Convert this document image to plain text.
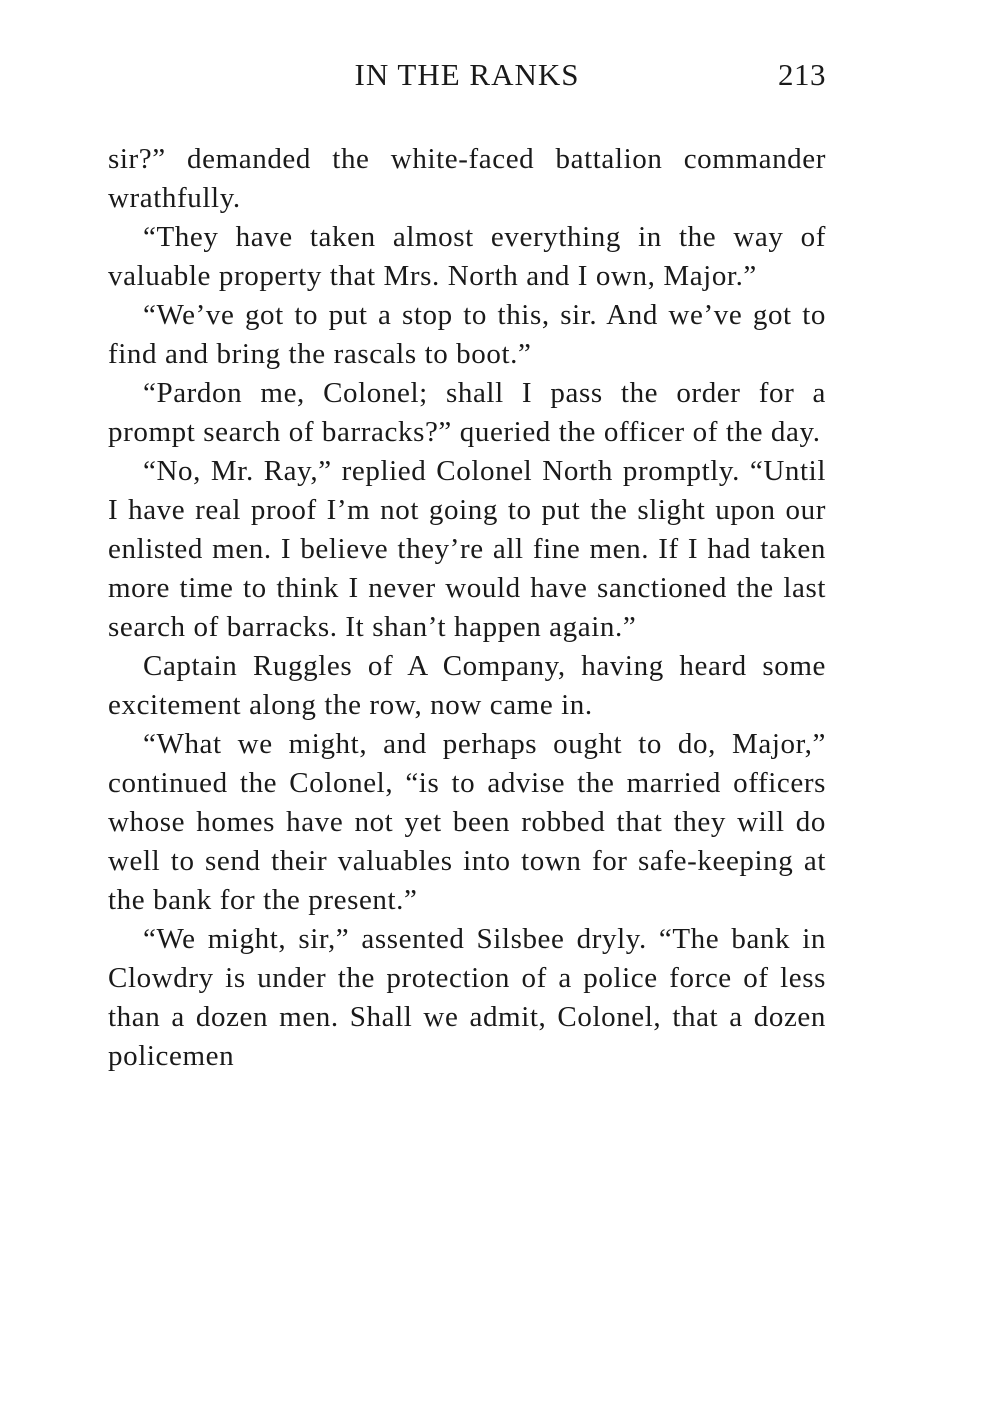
IN THE RANKS	213

sir?” demanded the white-faced battalion commander wrathfully.

“They have taken almost everything in the way of valuable property that Mrs. North and I own, Major.”

“We’ve got to put a stop to this, sir. And we’ve got to find and bring the rascals to boot.”

“Pardon me, Colonel; shall I pass the order for a prompt search of barracks?” queried the officer of the day.

“No, Mr. Ray,” replied Colonel North promptly. “Until I have real proof I’m not going to put the slight upon our enlisted men. I believe they’re all fine men. If I had taken more time to think I never would have sanctioned the last search of barracks. It shan’t happen again.”

Captain Ruggles of A Company, having heard some excitement along the row, now came in.

“What we might, and perhaps ought to do, Major,” continued the Colonel, “is to advise the married officers whose homes have not yet been robbed that they will do well to send their valuables into town for safe-keeping at the bank for the present.”

“We might, sir,” assented Silsbee dryly. “The bank in Clowdry is under the protection of a police force of less than a dozen men. Shall we admit, Colonel, that a dozen policemen
